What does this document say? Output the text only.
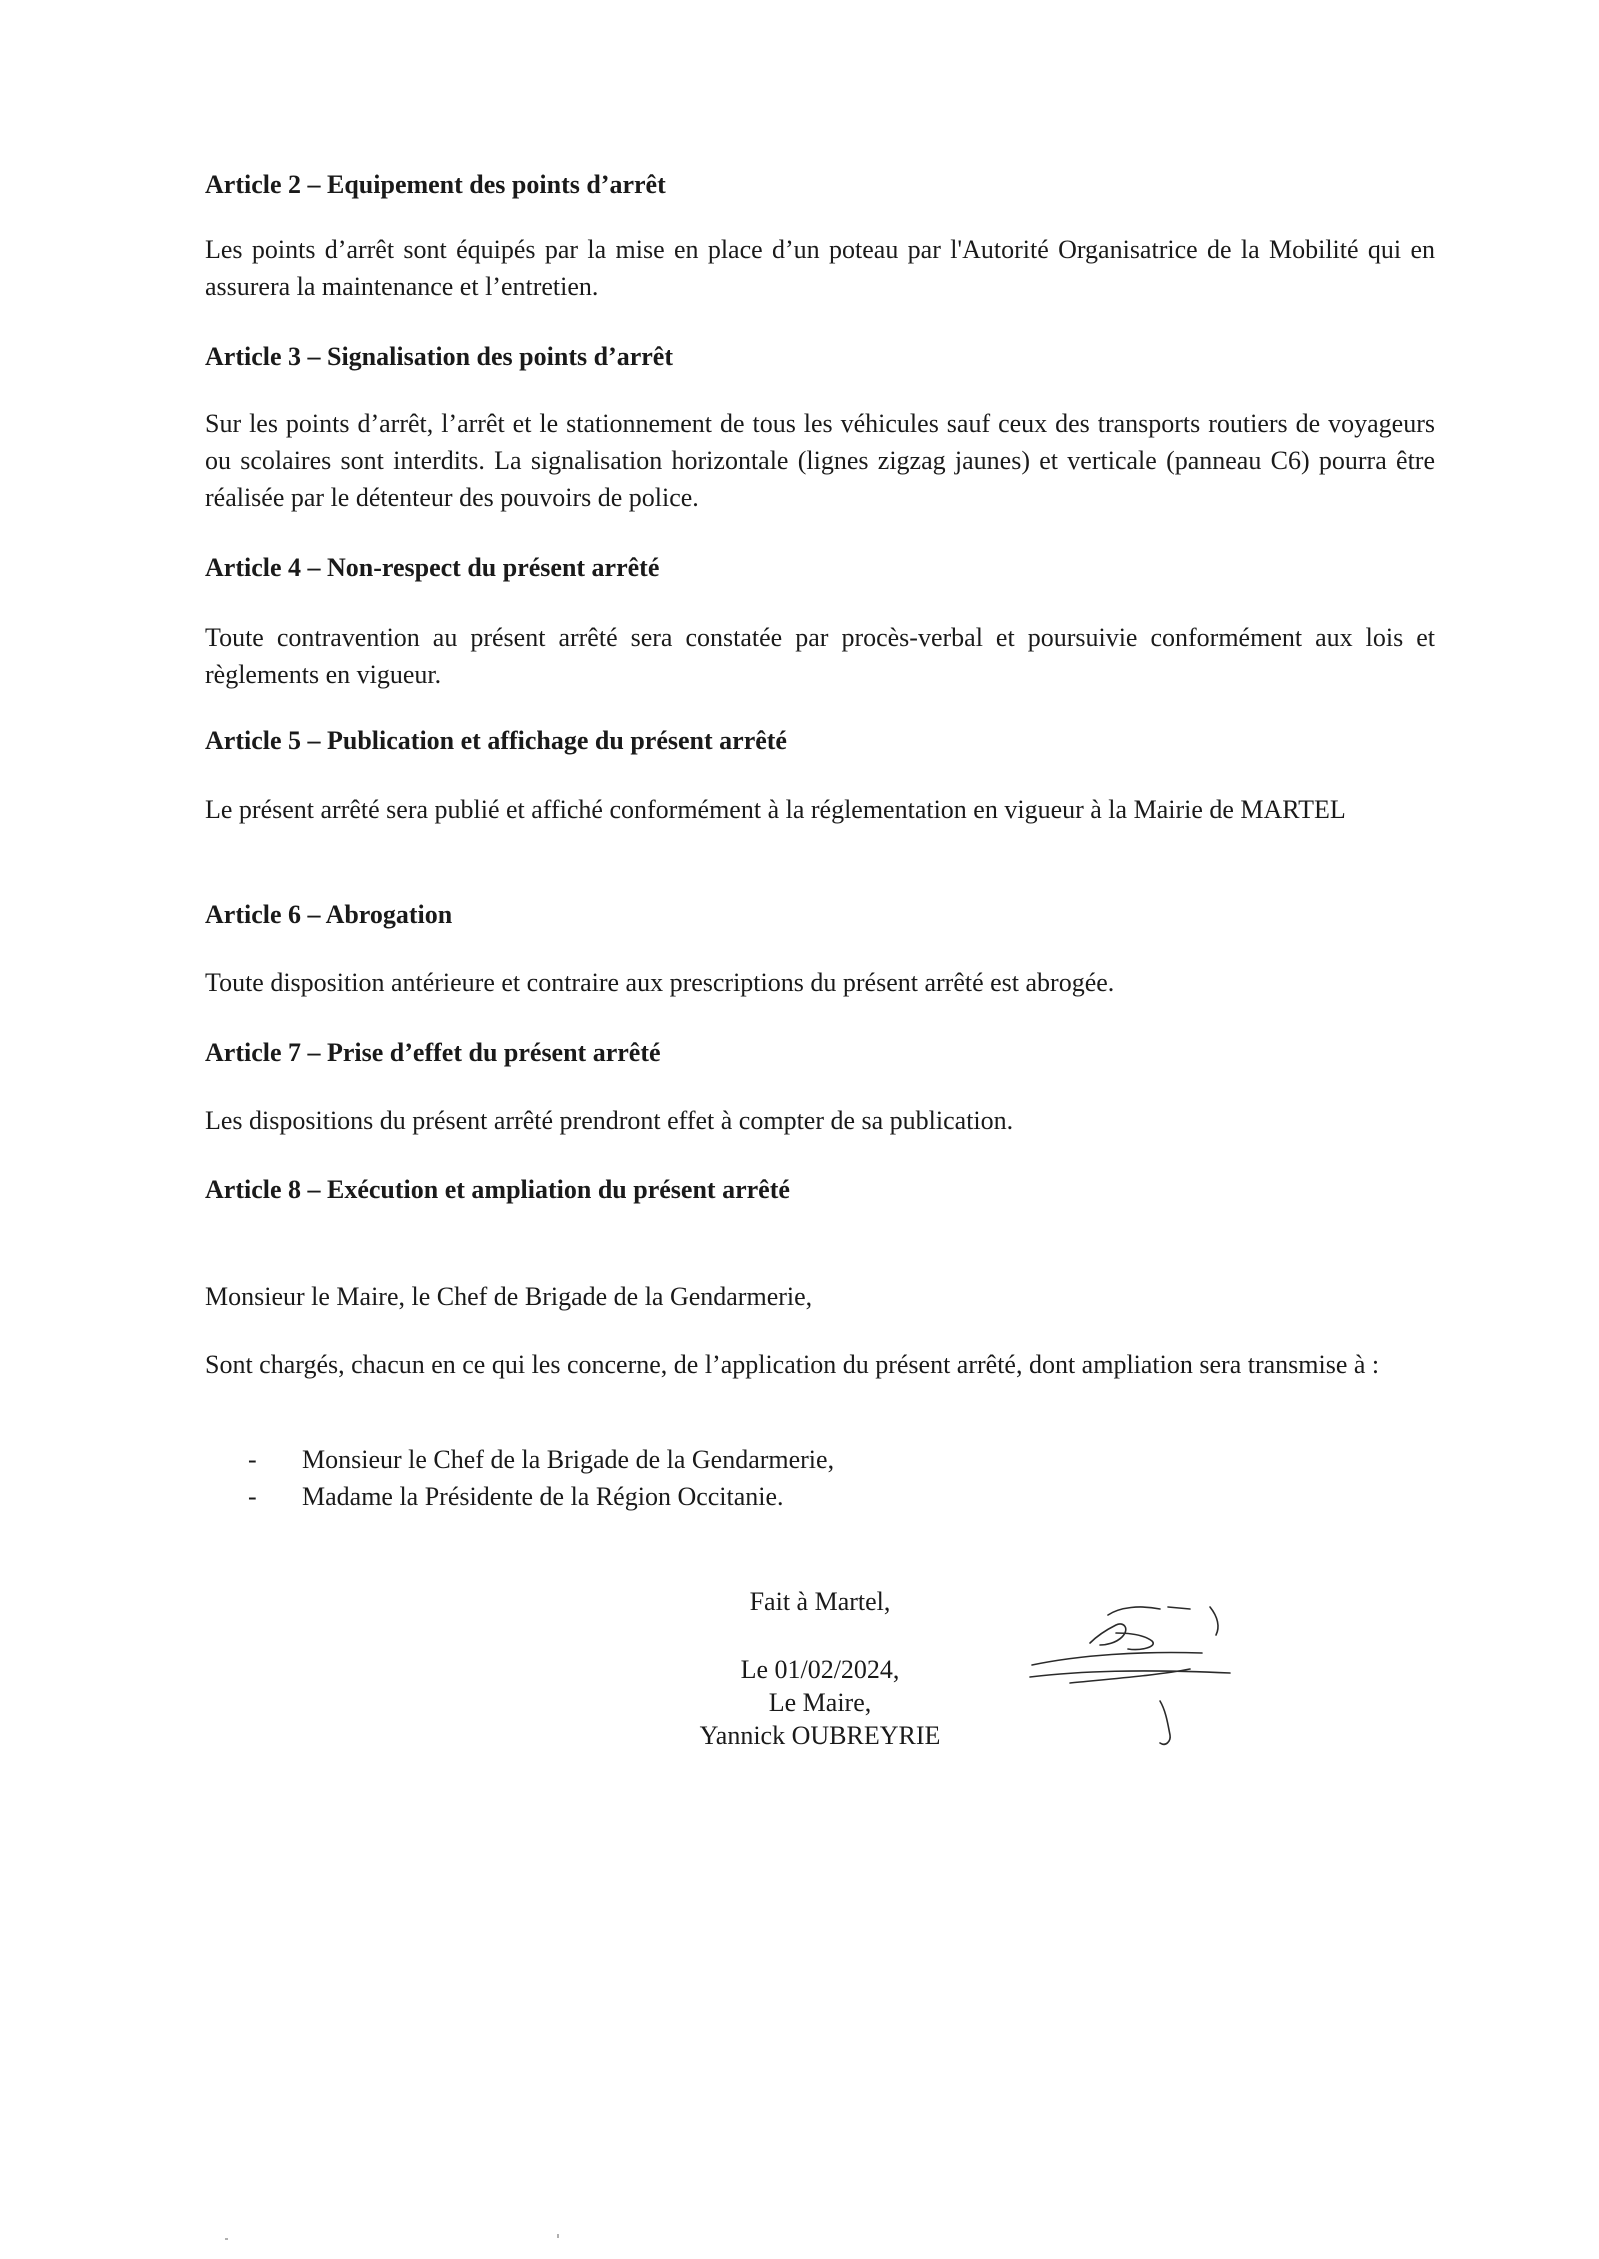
Article 2 – Equipement des points d’arrêt

Les points d’arrêt sont équipés par la mise en place d’un poteau par l'Autorité Organisatrice de la Mobilité qui en assurera la maintenance et l’entretien.

Article 3 – Signalisation des points d’arrêt

Sur les points d’arrêt, l’arrêt et le stationnement de tous les véhicules sauf ceux des transports routiers de voyageurs ou scolaires sont interdits. La signalisation horizontale (lignes zigzag jaunes) et verticale (panneau C6) pourra être réalisée par le détenteur des pouvoirs de police.

Article 4 – Non-respect du présent arrêté

Toute contravention au présent arrêté sera constatée par procès-verbal et poursuivie conformément aux lois et règlements en vigueur.

Article 5 – Publication et affichage du présent arrêté

Le présent arrêté sera publié et affiché conformément à la réglementation en vigueur à la Mairie de MARTEL

Article 6 – Abrogation
Toute disposition antérieure et contraire aux prescriptions du présent arrêté est abrogée.
Article 7 – Prise d’effet du présent arrêté
Les dispositions du présent arrêté prendront effet à compter de sa publication.
Article 8 – Exécution et ampliation du présent arrêté
Monsieur le Maire, le Chef de Brigade de la Gendarmerie,

Sont chargés, chacun en ce qui les concerne, de l’application du présent arrêté, dont ampliation sera transmise à :

- Monsieur le Chef de la Brigade de la Gendarmerie,
- Madame la Présidente de la Région Occitanie.
Fait à Martel,
Le 01/02/2024,
Le Maire,
Yannick OUBREYRIE
